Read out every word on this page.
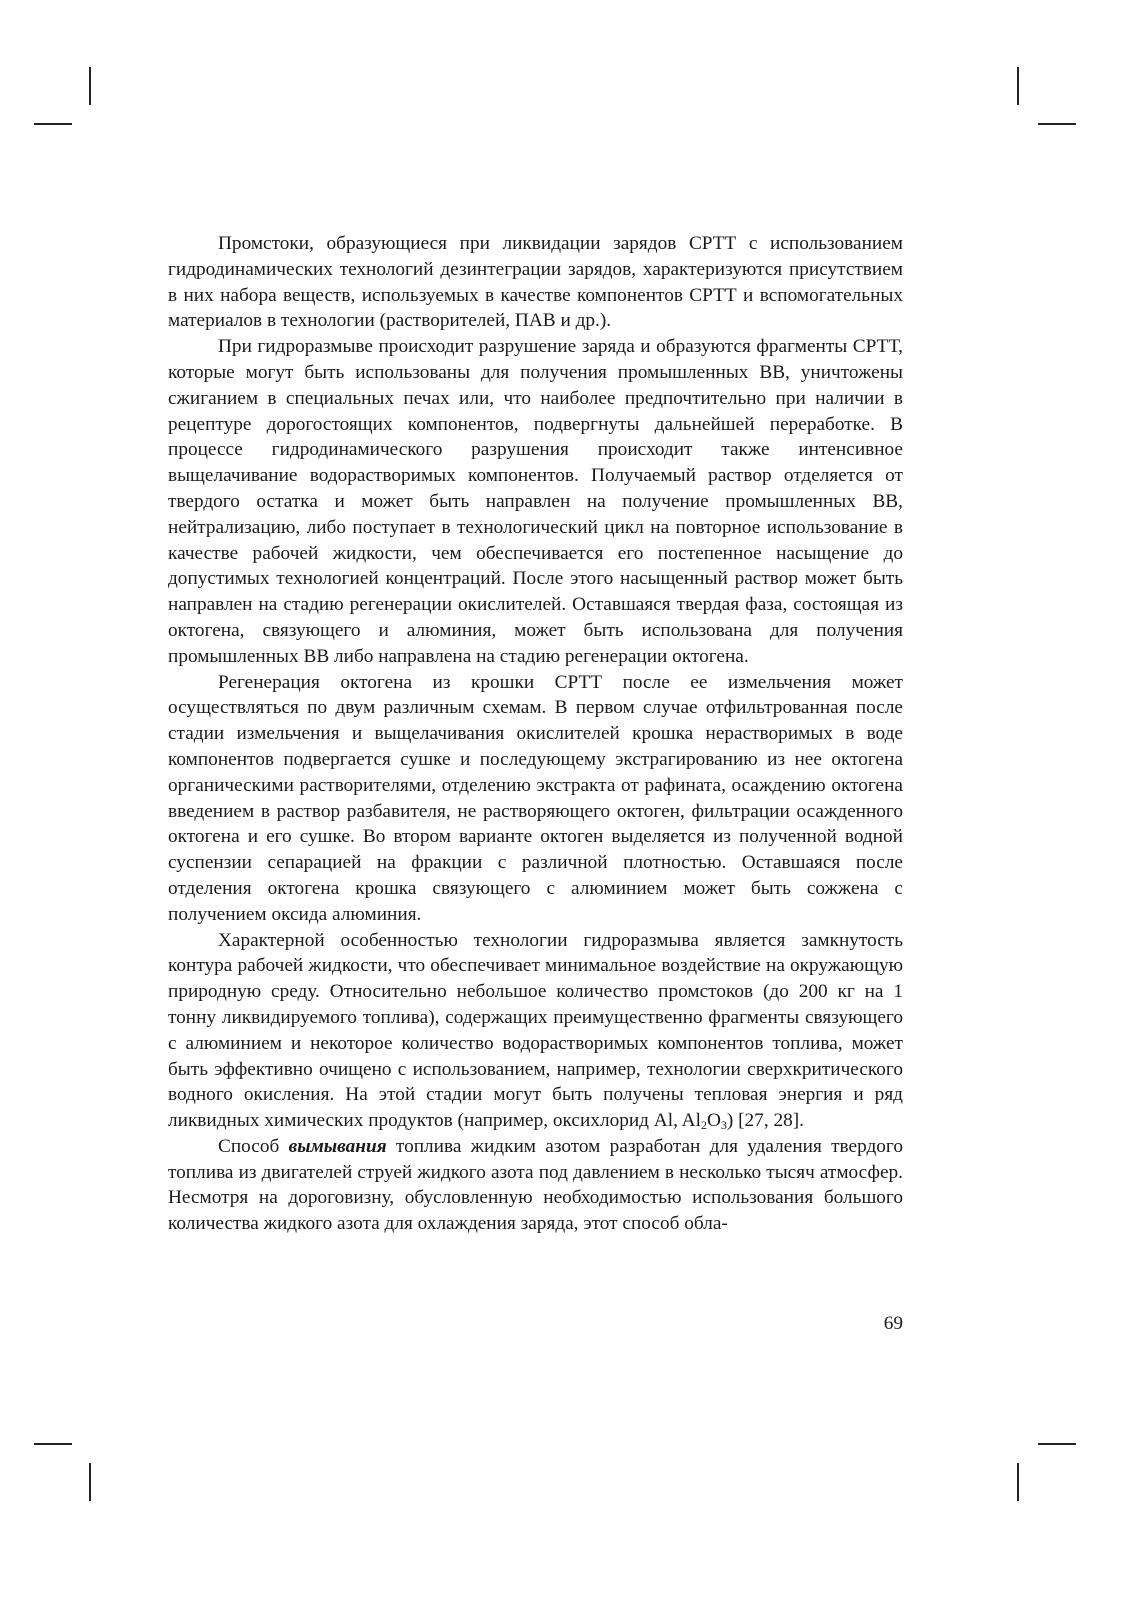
Промстоки, образующиеся при ликвидации зарядов СРТТ с использованием гидродинамических технологий дезинтеграции зарядов, характеризуются присутствием в них набора веществ, используемых в качестве компонентов СРТТ и вспомогательных материалов в технологии (растворителей, ПАВ и др.).

При гидроразмыве происходит разрушение заряда и образуются фрагменты СРТТ, которые могут быть использованы для получения промышленных ВВ, уничтожены сжиганием в специальных печах или, что наиболее предпочтительно при наличии в рецептуре дорогостоящих компонентов, подвергнуты дальнейшей переработке. В процессе гидродинамического разрушения происходит также интенсивное выщелачивание водорастворимых компонентов. Получаемый раствор отделяется от твердого остатка и может быть направлен на получение промышленных ВВ, нейтрализацию, либо поступает в технологический цикл на повторное использование в качестве рабочей жидкости, чем обеспечивается его постепенное насыщение до допустимых технологией концентраций. После этого насыщенный раствор может быть направлен на стадию регенерации окислителей. Оставшаяся твердая фаза, состоящая из октогена, связующего и алюминия, может быть использована для получения промышленных ВВ либо направлена на стадию регенерации октогена.

Регенерация октогена из крошки СРТТ после ее измельчения может осуществляться по двум различным схемам. В первом случае отфильтрованная после стадии измельчения и выщелачивания окислителей крошка нерастворимых в воде компонентов подвергается сушке и последующему экстрагированию из нее октогена органическими растворителями, отделению экстракта от рафината, осаждению октогена введением в раствор разбавителя, не растворяющего октоген, фильтрации осажденного октогена и его сушке. Во втором варианте октоген выделяется из полученной водной суспензии сепарацией на фракции с различной плотностью. Оставшаяся после отделения октогена крошка связующего с алюминием может быть сожжена с получением оксида алюминия.

Характерной особенностью технологии гидроразмыва является замкнутость контура рабочей жидкости, что обеспечивает минимальное воздействие на окружающую природную среду. Относительно небольшое количество промстоков (до 200 кг на 1 тонну ликвидируемого топлива), содержащих преимущественно фрагменты связующего с алюминием и некоторое количество водорастворимых компонентов топлива, может быть эффективно очищено с использованием, например, технологии сверхкритического водного окисления. На этой стадии могут быть получены тепловая энергия и ряд ликвидных химических продуктов (например, оксихлорид Al, $Al_2O_3$) [27, 28].

Способ вымывания топлива жидким азотом разработан для удаления твердого топлива из двигателей струей жидкого азота под давлением в несколько тысяч атмосфер. Несмотря на дороговизну, обусловленную необходимостью использования большого количества жидкого азота для охлаждения заряда, этот способ обла-

69
